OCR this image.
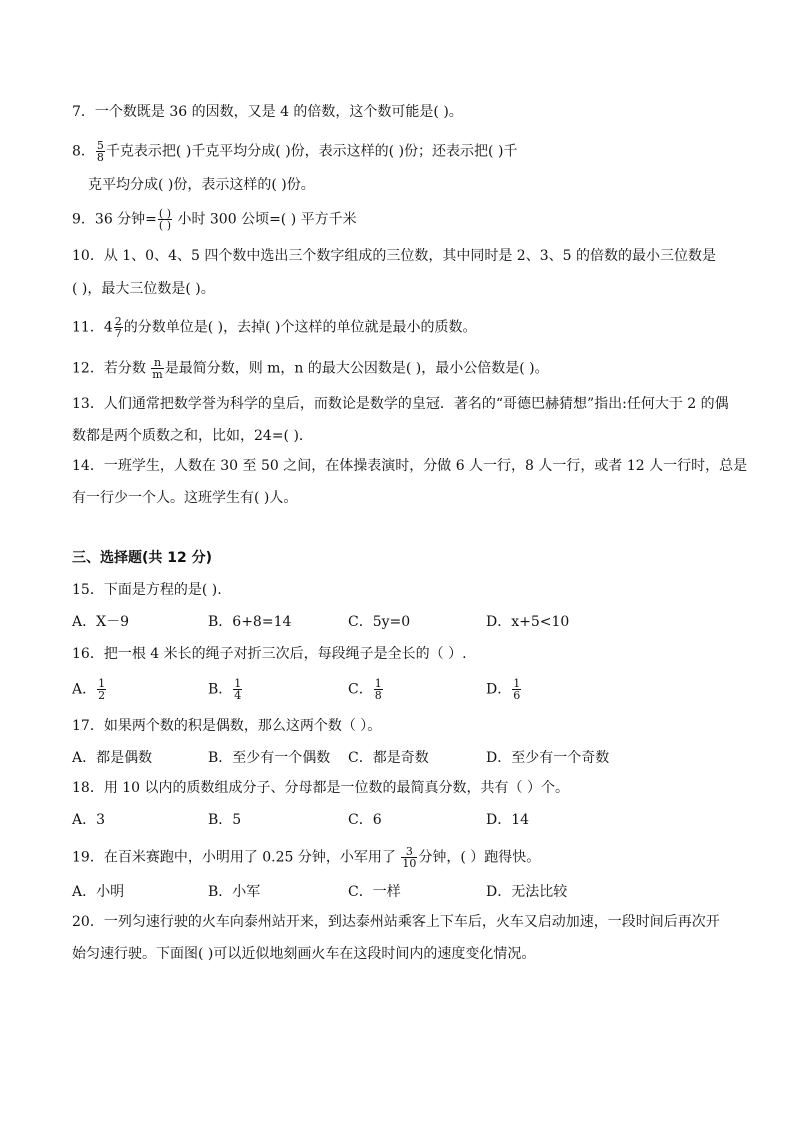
7．一个数既是 36 的因数，又是 4 的倍数，这个数可能是( )。
8． $\frac{5}{8}$ 千克表示把( )千克平均分成( )份，表示这样的( )份；还表示把( )千
克平均分成( )份，表示这样的( )份。
9．36 分钟= $\frac{( )}{( )}$ 小时 300 公顷=( ) 平方千米
10．从 1、0、4、5 四个数中选出三个数字组成的三位数，其中同时是 2、3、5 的倍数的最小三位数是
( )，最大三位数是( )。
11．$4 \frac{2}{7}$ 的分数单位是( )，去掉( )个这样的单位就是最小的质数。
12．若分数 $\frac{n}{m}$ 是最简分数，则 m，n 的最大公因数是( )，最小公倍数是( )。
13．人们通常把数学誉为科学的皇后，而数论是数学的皇冠．著名的“哥德巴赫猜想”指出:任何大于 2 的偶
数都是两个质数之和，比如，24=( )．
14．一班学生，人数在 30 至 50 之间，在体操表演时，分做 6 人一行，8 人一行，或者 12 人一行时，总是
有一行少一个人。这班学生有( )人。
三、选择题(共 12 分)
15．下面是方程的是( ).
A．X－9	B．6+8=14	C．5y=0	D．x+5<10
16．把一根 4 米长的绳子对折三次后，每段绳子是全长的（ ）.
A． $\frac{1}{2}$	B． $\frac{1}{4}$	C． $\frac{1}{8}$	D． $\frac{1}{6}$
17．如果两个数的积是偶数，那么这两个数（ ）。
A．都是偶数	B．至少有一个偶数 C．都是奇数	D．至少有一个奇数
18．用 10 以内的质数组成分子、分母都是一位数的最简真分数，共有（ ）个。
A．3	B．5	C．6	D．14
19．在百米赛跑中，小明用了 0.25 分钟，小军用了 $\frac{3}{10}$ 分钟，( ）跑得快。
A．小明	B．小军	C．一样	D．无法比较
20．一列匀速行驶的火车向泰州站开来，到达泰州站乘客上下车后，火车又启动加速，一段时间后再次开
始匀速行驶。下面图( )可以近似地刻画火车在这段时间内的速度变化情况。
